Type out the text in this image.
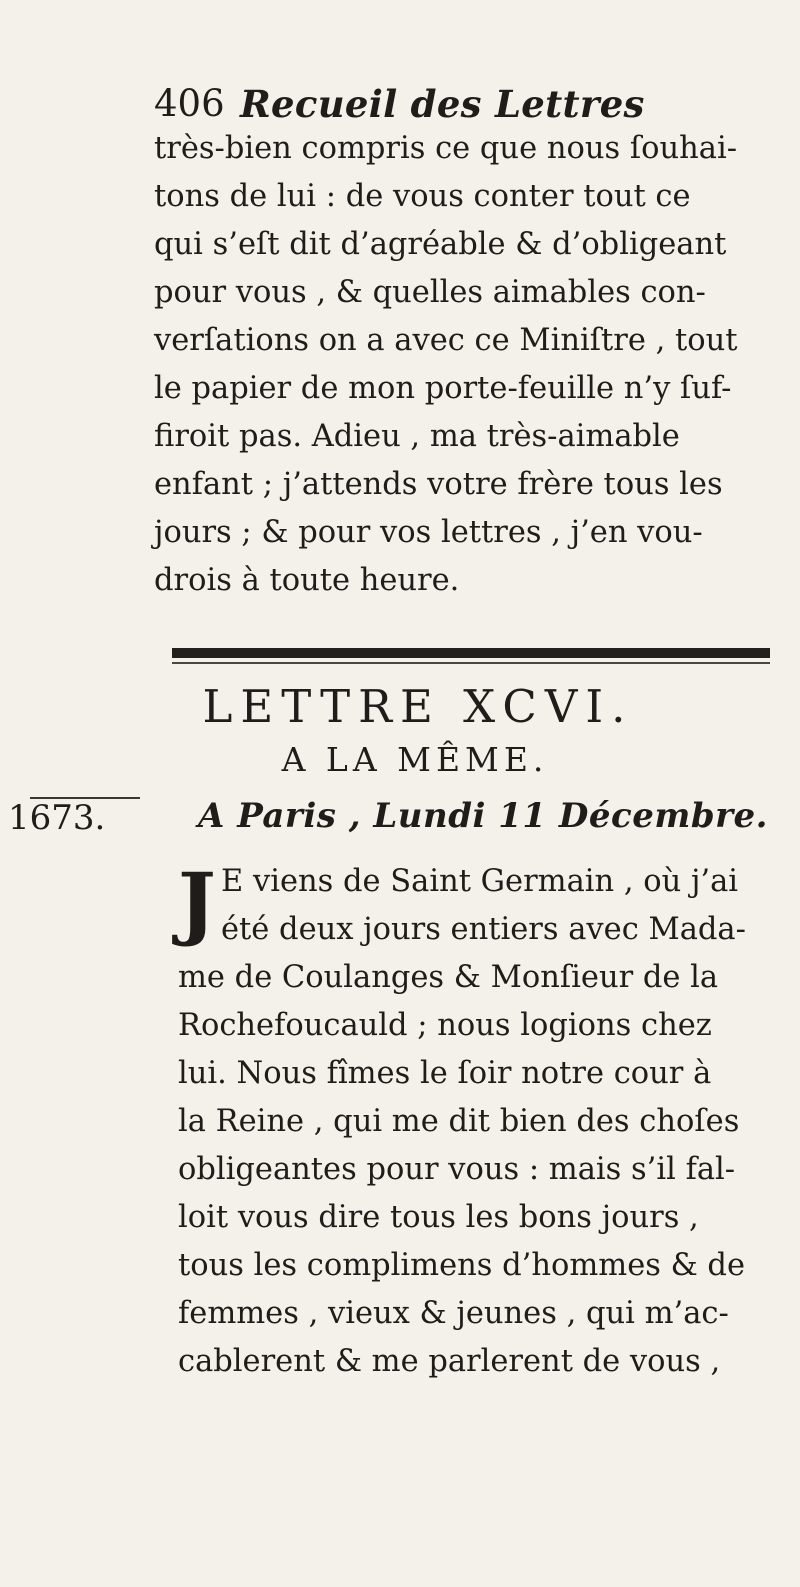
406 Recueil des Lettres
très-bien compris ce que nous ſouhai-
tons de lui : de vous conter tout ce
qui s’eſt dit d’agréable & d’obligeant
pour vous , & quelles aimables con-
verſations on a avec ce Miniſtre , tout
le papier de mon porte-feuille n’y ſuf-
firoit pas. Adieu , ma très-aimable
enfant ; j’attends votre frère tous les
jours ; & pour vos lettres , j’en vou-
drois à toute heure.
LETTRE XCVI.
A LA MÊME.
1673.	A Paris , Lundi 11 Décembre.
J E viens de Saint Germain , où j’ai
été deux jours entiers avec Mada-
me de Coulanges & Monſieur de la
Rochefoucauld ; nous logions chez
lui. Nous fîmes le ſoir notre cour à
la Reine , qui me dit bien des choſes
obligeantes pour vous : mais s’il fal-
loit vous dire tous les bons jours ,
tous les complimens d’hommes & de
femmes , vieux & jeunes , qui m’ac-
cablerent & me parlerent de vous ,
